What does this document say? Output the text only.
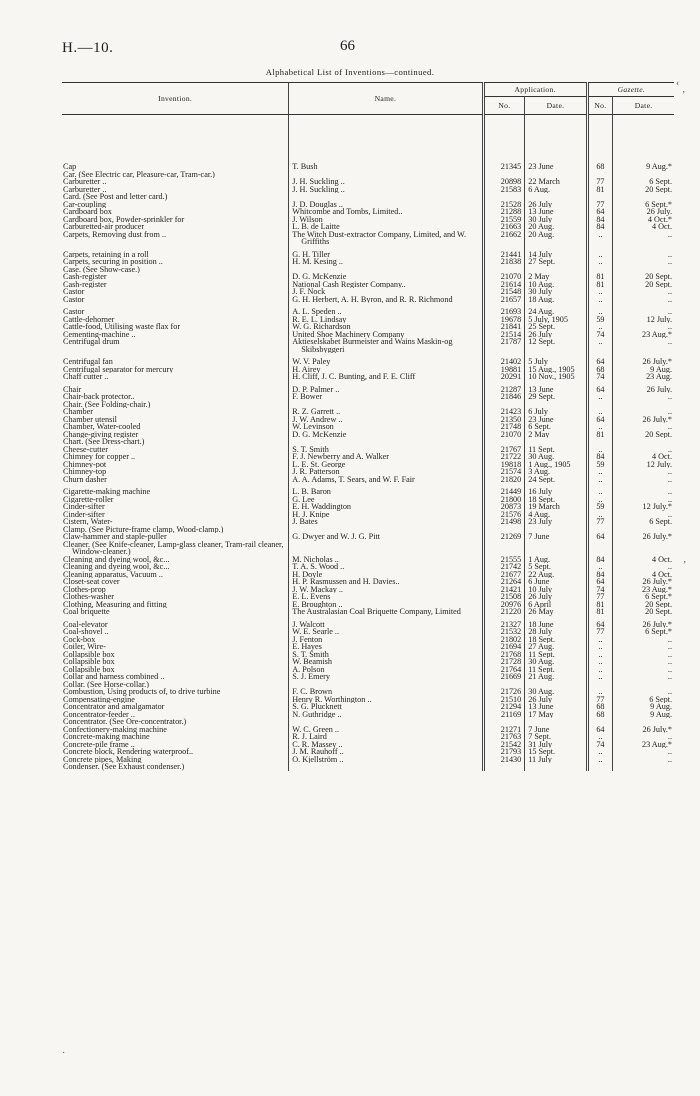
H.—10.	66
Alphabetical List of Inventions—continued.
‹
ʼ
ʼ
·
Invention.	Name.	Application.		Gazette.	
		No.	Date.	No.	Date.
Cap	T. Bush	21345	23 June	68	9 Aug.*
Car. (See Electric car, Pleasure-car, Tram-car.)					
Carburetter ..	J. H. Suckling ..	20898	22 March	77	6 Sept.
Carburetter ..	J. H. Suckling ..	21583	6 Aug.	81	20 Sept.
Card. (See Post and letter card.)					
Car-coupling	J. D. Douglas ..	21528	26 July	77	6 Sept.*
Cardboard box	Whitcombe and Tombs, Limited..	21288	13 June	64	26 July.
Cardboard box, Powder-sprinkler for	J. Wilson	21559	30 July	84	4 Oct.*
Carburetted-air producer	L. B. de Laitte	21663	20 Aug.	84	4 Oct.
Carpets, Removing dust from ..	The Witch Dust-extractor Company, Limited, and W. Griffiths	21662	20 Aug.	..	..
Carpets, retaining in a roll	G. H. Tiller	21441	14 July	..	..
Carpets, securing in position ..	H. M. Kesing ..	21838	27 Sept.	..	..
Case. (See Show-case.)					
Cash-register	D. G. McKenzie	21070	2 May	81	20 Sept.
Cash-register	National Cash Register Company..	21614	10 Aug.	81	20 Sept.
Castor	J. F. Nock	21548	30 July	..	..
Castor	G. H. Herbert, A. H. Byron, and R. R. Richmond	21657	18 Aug.	..	..
Castor	A. L. Speden ..	21693	24 Aug.	..	..
Cattle-dehorner	R. E. L. Lindsay	19678	5 July, 1905	59	12 July.
Cattle-food, Utilising waste flax for	W. G. Richardson	21841	25 Sept.	..	..
Cementing-machine ..	United Shoe Machinery Company	21514	26 July	74	23 Aug.*
Centrifugal drum	Aktieselskabet Burmeister and Wains Maskin-og Skibsbyggeri	21787	12 Sept.	..	..
Centrifugal fan	W. V. Paley	21402	5 July	64	26 July.*
Centrifugal separator for mercury	H. Airey	19881	15 Aug., 1905	68	9 Aug.
Chaff cutter ..	H. Cliff, J. C. Bunting, and F. E. Cliff	20291	10 Nov., 1905	74	23 Aug.
Chair	D. P. Palmer ..	21287	13 June	64	26 July.
Chair-back protector..	F. Bower	21846	29 Sept.	..	..
Chair. (See Folding-chair.)					
Chamber	R. Z. Garrett ..	21423	6 July	..	..
Chamber utensil	J. W. Andrew ..	21350	23 June	64	26 July.*
Chamber, Water-cooled	W. Levinson	21748	6 Sept.	..	..
Change-giving register	D. G. McKenzie	21070	2 May	81	20 Sept.
Chart. (See Dress-chart.)					
Cheese-cutter	S. T. Smith	21767	11 Sept.	..	..
Chimney for copper ..	F. J. Newberry and A. Walker	21722	30 Aug.	84	4 Oct.
Chimney-pot	L. E. St. George	19818	1 Aug., 1905	59	12 July.
Chimney-top	J. R. Patterson	21574	3 Aug.	..	..
Churn dasher	A. A. Adams, T. Sears, and W. F. Fair	21820	24 Sept.	..	..
Cigarette-making machine	L. B. Baron	21449	16 July	..	..
Cigarette-roller	G. Lee	21800	18 Sept.	..	..
Cinder-sifter	E. H. Waddington	20873	19 March	59	12 July.*
Cinder-sifter	H. J. Knipe	21576	4 Aug.	..	..
Cistern, Water-	J. Bates	21498	23 July	77	6 Sept.
Clamp. (See Picture-frame clamp, Wood-clamp.)					
Claw-hammer and staple-puller	G. Dwyer and W. J. G. Pitt	21269	7 June	64	26 July.*
Cleaner. (See Knife-cleaner, Lamp-glass cleaner, Tram-rail cleaner, Window-cleaner.)					
Cleaning and dyeing wool, &c...	M. Nicholas ..	21555	1 Aug.	84	4 Oct.
Cleaning and dyeing wool, &c...	T. A. S. Wood ..	21742	5 Sept.	..	..
Cleaning apparatus, Vacuum ..	H. Doyle	21677	22 Aug.	84	4 Oct.
Closet-seat cover	H. P. Rasmussen and H. Davies..	21264	6 June	64	26 July.*
Clothes-prop	J. W. Mackay ..	21421	10 July	74	23 Aug.*
Clothes-washer	E. L. Evens	21508	26 July	77	6 Sept.*
Clothing, Measuring and fitting	E. Broughton ..	20976	6 April	81	20 Sept.
Coal briquette	The Australasian Coal Briquette Company, Limited	21220	26 May	81	20 Sept.
Coal-elevator	J. Walcott	21327	18 June	64	26 July.*
Coal-shovel ..	W. E. Searle ..	21532	28 July	77	6 Sept.*
Cock-box	J. Fenton	21802	18 Sept.	..	..
Coiler, Wire-	E. Hayes	21694	27 Aug.	..	..
Collapsible box	S. T. Smith	21768	11 Sept.	..	..
Collapsible box	W. Beamish	21728	30 Aug.	..	..
Collapsible box	A. Polson	21764	11 Sept.	..	..
Collar and harness combined ..	S. J. Emery	21669	21 Aug.	..	..
Collar. (See Horse-collar.)					
Combustion, Using products of, to drive turbine	F. C. Brown	21726	30 Aug.	..	..
Compensating-engine	Henry R. Worthington ..	21510	26 July	77	6 Sept.
Concentrator and amalgamator	S. G. Plucknett	21294	13 June	68	9 Aug.
Concentrator-feeder ..	N. Guthridge ..	21169	17 May	68	9 Aug.
Concentrator. (See Ore-concentrator.)					
Confectionery-making machine	W. C. Green ..	21271	7 June	64	26 July.*
Concrete-making machine	R. J. Laird	21763	7 Sept.	..	..
Concrete-pile frame ..	C. R. Massey ..	21542	31 July	74	23 Aug.*
Concrete block, Rendering waterproof..	J. M. Rauhoff ..	21793	15 Sept.	..	..
Concrete pipes, Making	O. Kjellström ..	21430	11 July	..	..
Condenser. (See Exhaust condenser.)					
